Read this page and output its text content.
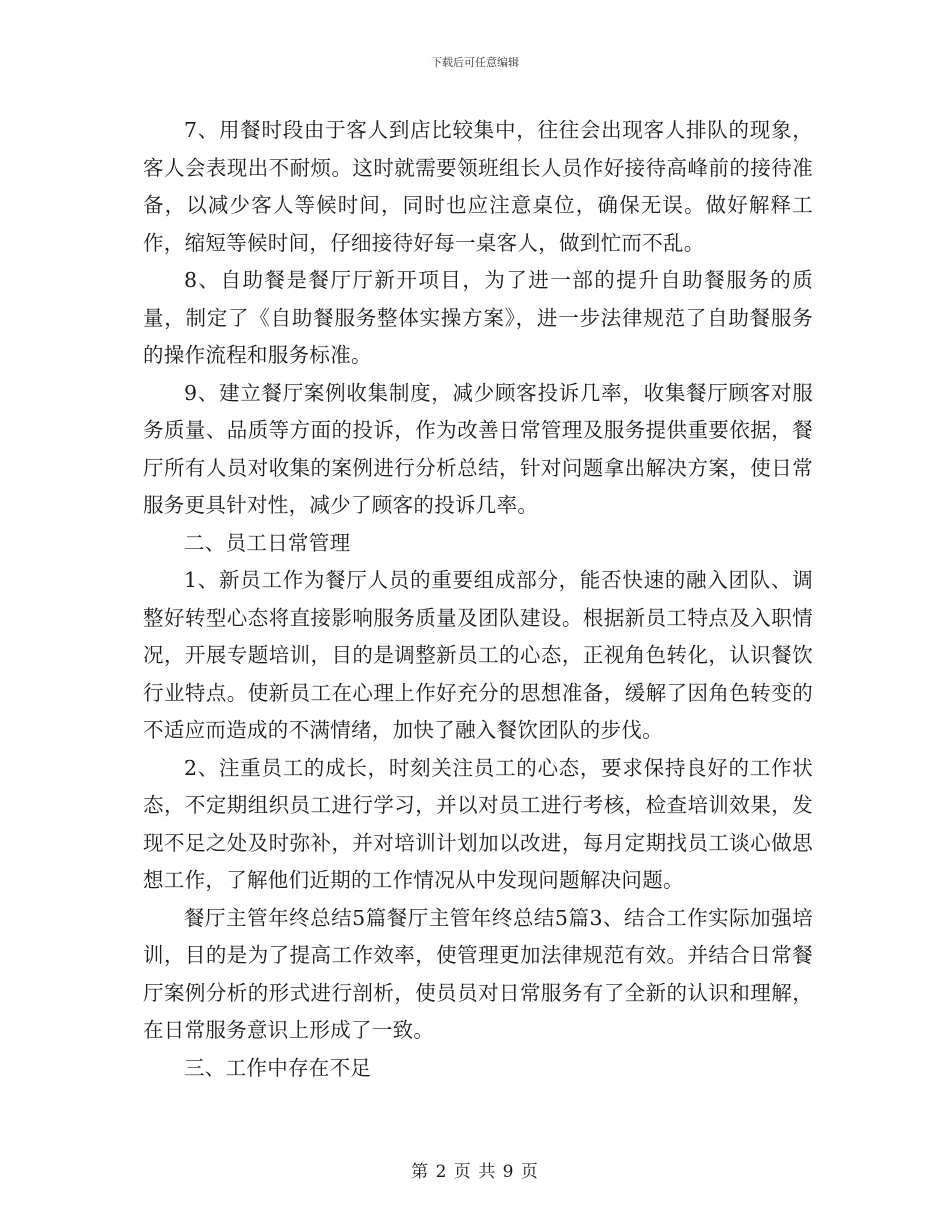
下载后可任意编辑

7、用餐时段由于客人到店比较集中，往往会出现客人排队的现象，客人会表现出不耐烦。这时就需要领班组长人员作好接待高峰前的接待准备，以减少客人等候时间，同时也应注意桌位，确保无误。做好解释工作，缩短等候时间，仔细接待好每一桌客人，做到忙而不乱。

8、自助餐是餐厅厅新开项目，为了进一部的提升自助餐服务的质量，制定了《自助餐服务整体实操方案》，进一步法律规范了自助餐服务的操作流程和服务标准。

9、建立餐厅案例收集制度，减少顾客投诉几率，收集餐厅顾客对服务质量、品质等方面的投诉，作为改善日常管理及服务提供重要依据，餐厅所有人员对收集的案例进行分析总结，针对问题拿出解决方案，使日常服务更具针对性，减少了顾客的投诉几率。

二、员工日常管理

1、新员工作为餐厅人员的重要组成部分，能否快速的融入团队、调整好转型心态将直接影响服务质量及团队建设。根据新员工特点及入职情况，开展专题培训，目的是调整新员工的心态，正视角色转化，认识餐饮行业特点。使新员工在心理上作好充分的思想准备，缓解了因角色转变的不适应而造成的不满情绪，加快了融入餐饮团队的步伐。

2、注重员工的成长，时刻关注员工的心态，要求保持良好的工作状态，不定期组织员工进行学习，并以对员工进行考核，检查培训效果，发现不足之处及时弥补，并对培训计划加以改进，每月定期找员工谈心做思想工作，了解他们近期的工作情况从中发现问题解决问题。

餐厅主管年终总结5篇餐厅主管年终总结5篇3、结合工作实际加强培训，目的是为了提高工作效率，使管理更加法律规范有效。并结合日常餐厅案例分析的形式进行剖析，使员员对日常服务有了全新的认识和理解，在日常服务意识上形成了一致。

三、工作中存在不足

第 2 页 共 9 页
